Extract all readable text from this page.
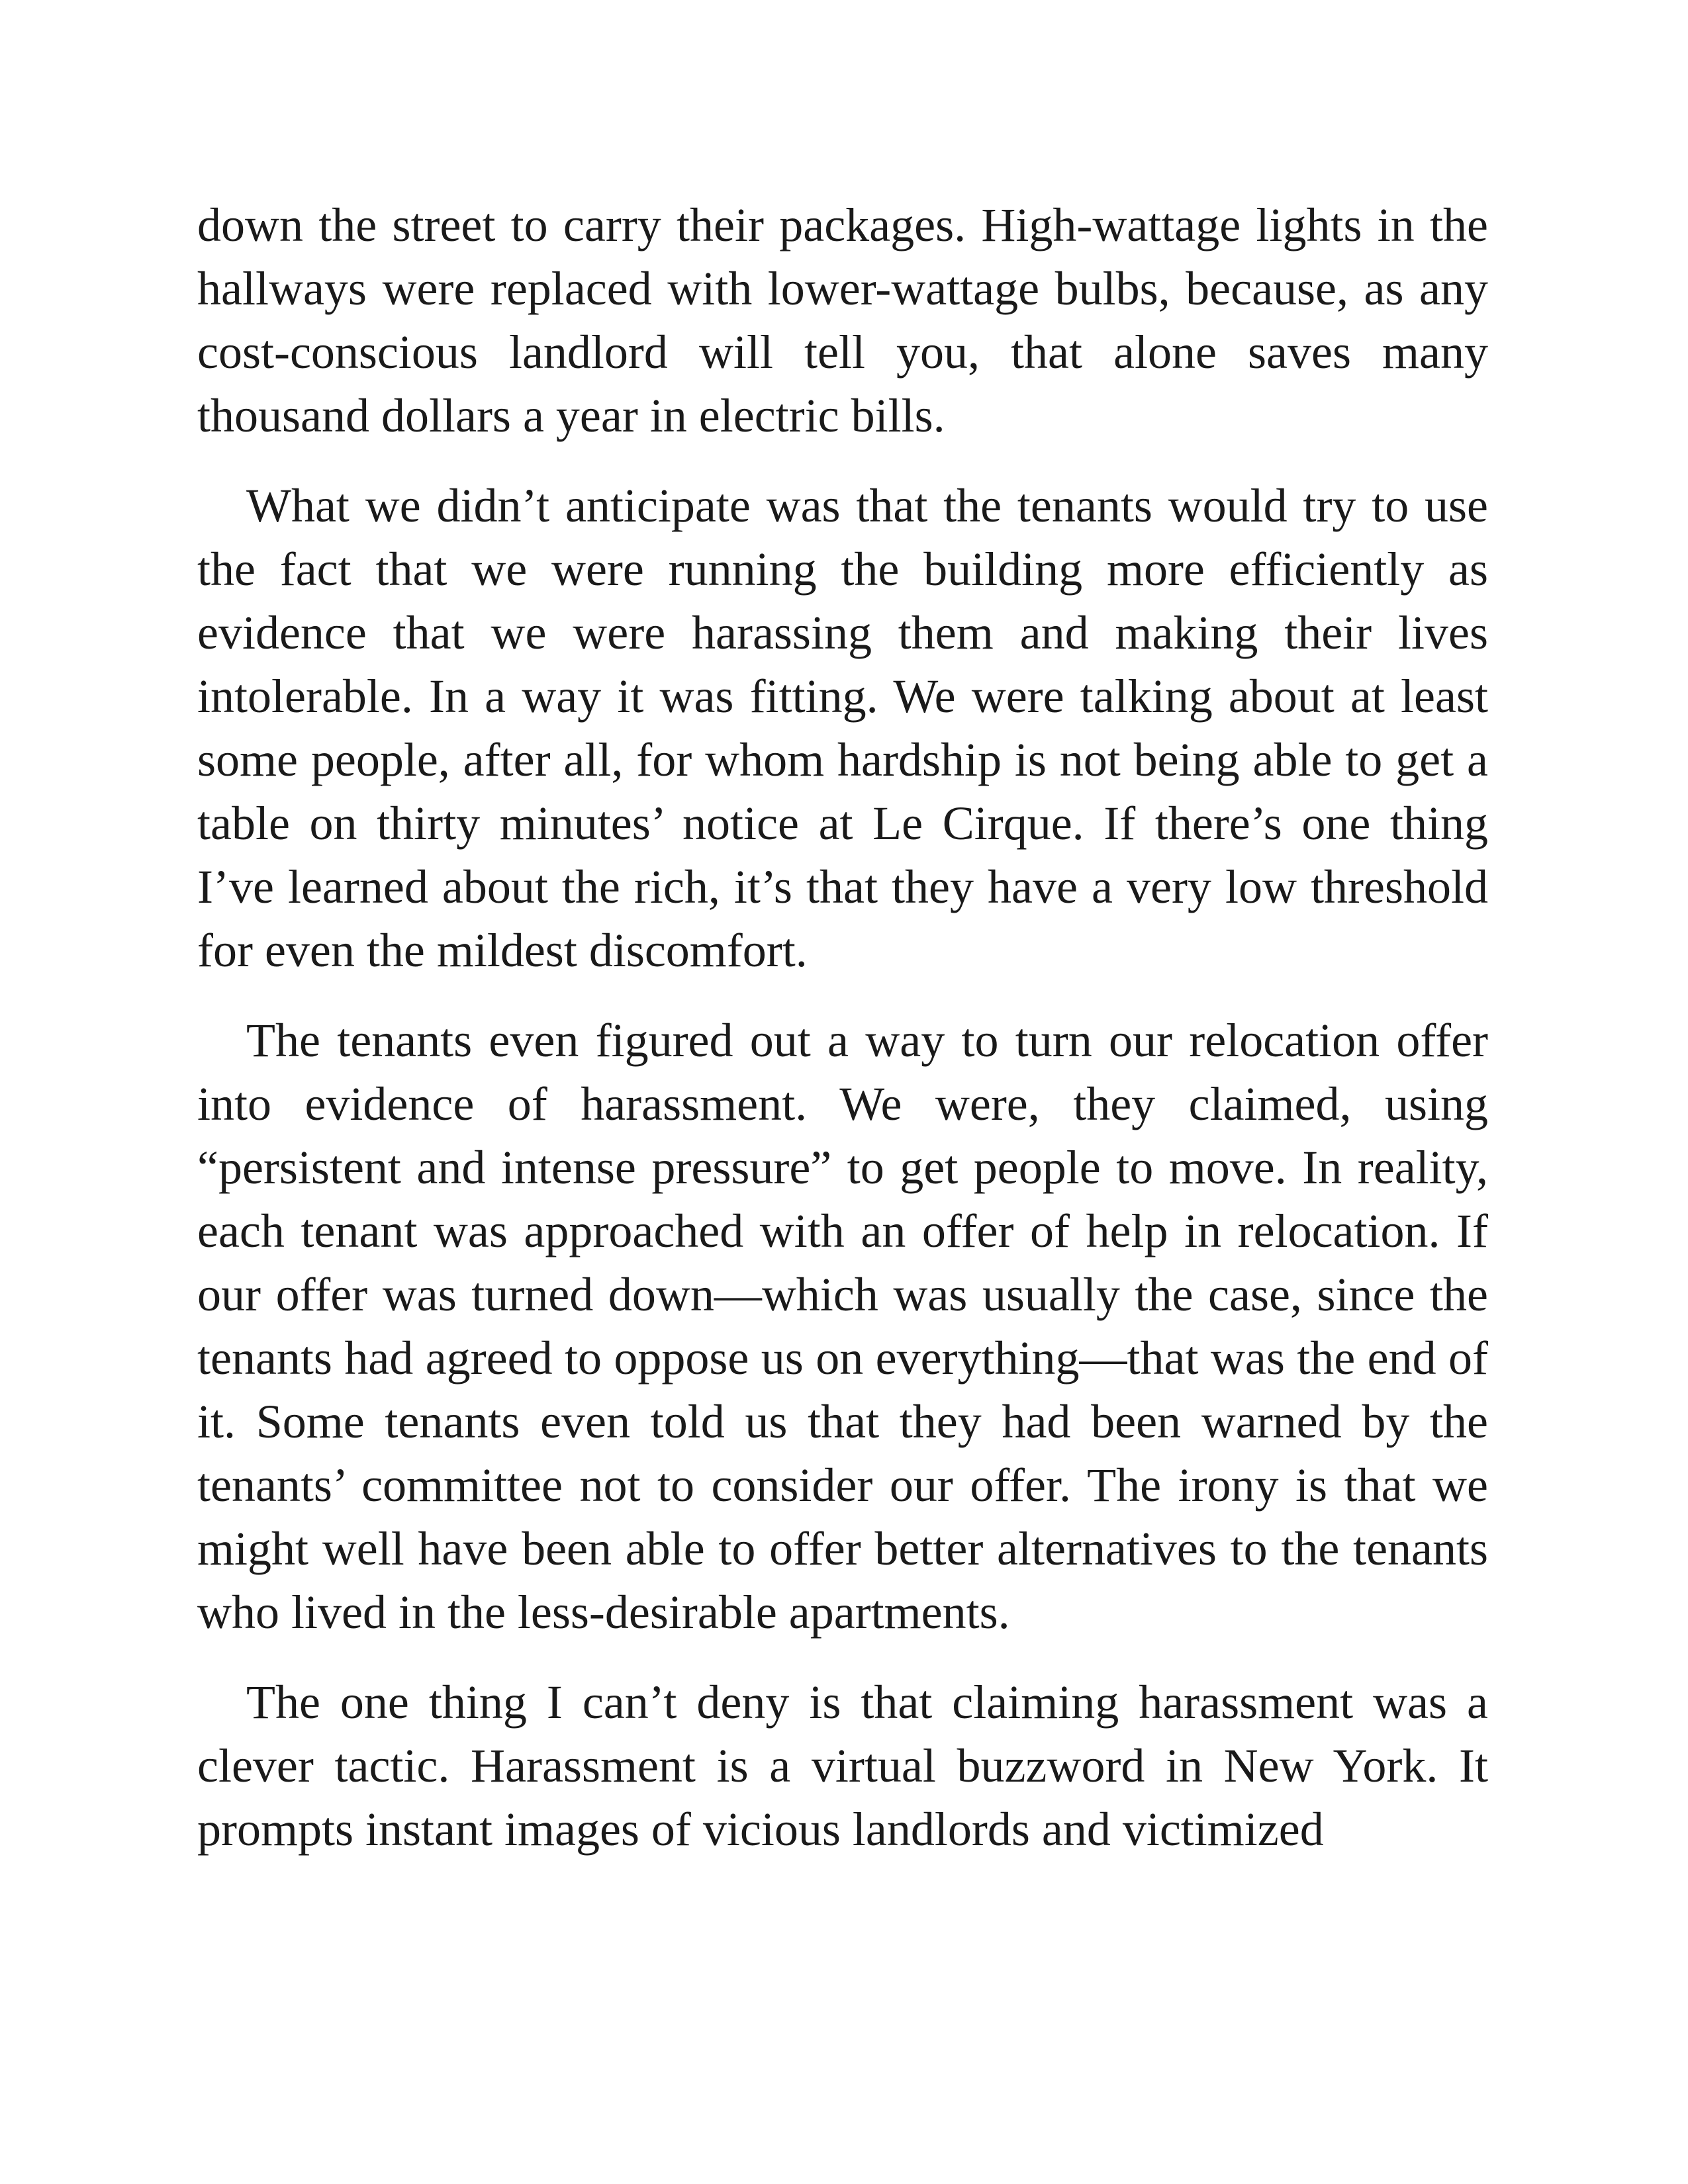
down the street to carry their packages. High-wattage lights in the hallways were replaced with lower-wattage bulbs, because, as any cost-conscious landlord will tell you, that alone saves many thousand dollars a year in electric bills.

What we didn’t anticipate was that the tenants would try to use the fact that we were running the building more efficiently as evidence that we were harassing them and making their lives intolerable. In a way it was fitting. We were talking about at least some people, after all, for whom hardship is not being able to get a table on thirty minutes’ notice at Le Cirque. If there’s one thing I’ve learned about the rich, it’s that they have a very low threshold for even the mildest discomfort.

The tenants even figured out a way to turn our relocation offer into evidence of harassment. We were, they claimed, using “persistent and intense pressure” to get people to move. In reality, each tenant was approached with an offer of help in relocation. If our offer was turned down—which was usually the case, since the tenants had agreed to oppose us on everything—that was the end of it. Some tenants even told us that they had been warned by the tenants’ committee not to consider our offer. The irony is that we might well have been able to offer better alternatives to the tenants who lived in the less-desirable apartments.

The one thing I can’t deny is that claiming harassment was a clever tactic. Harassment is a virtual buzzword in New York. It prompts instant images of vicious landlords and victimized
